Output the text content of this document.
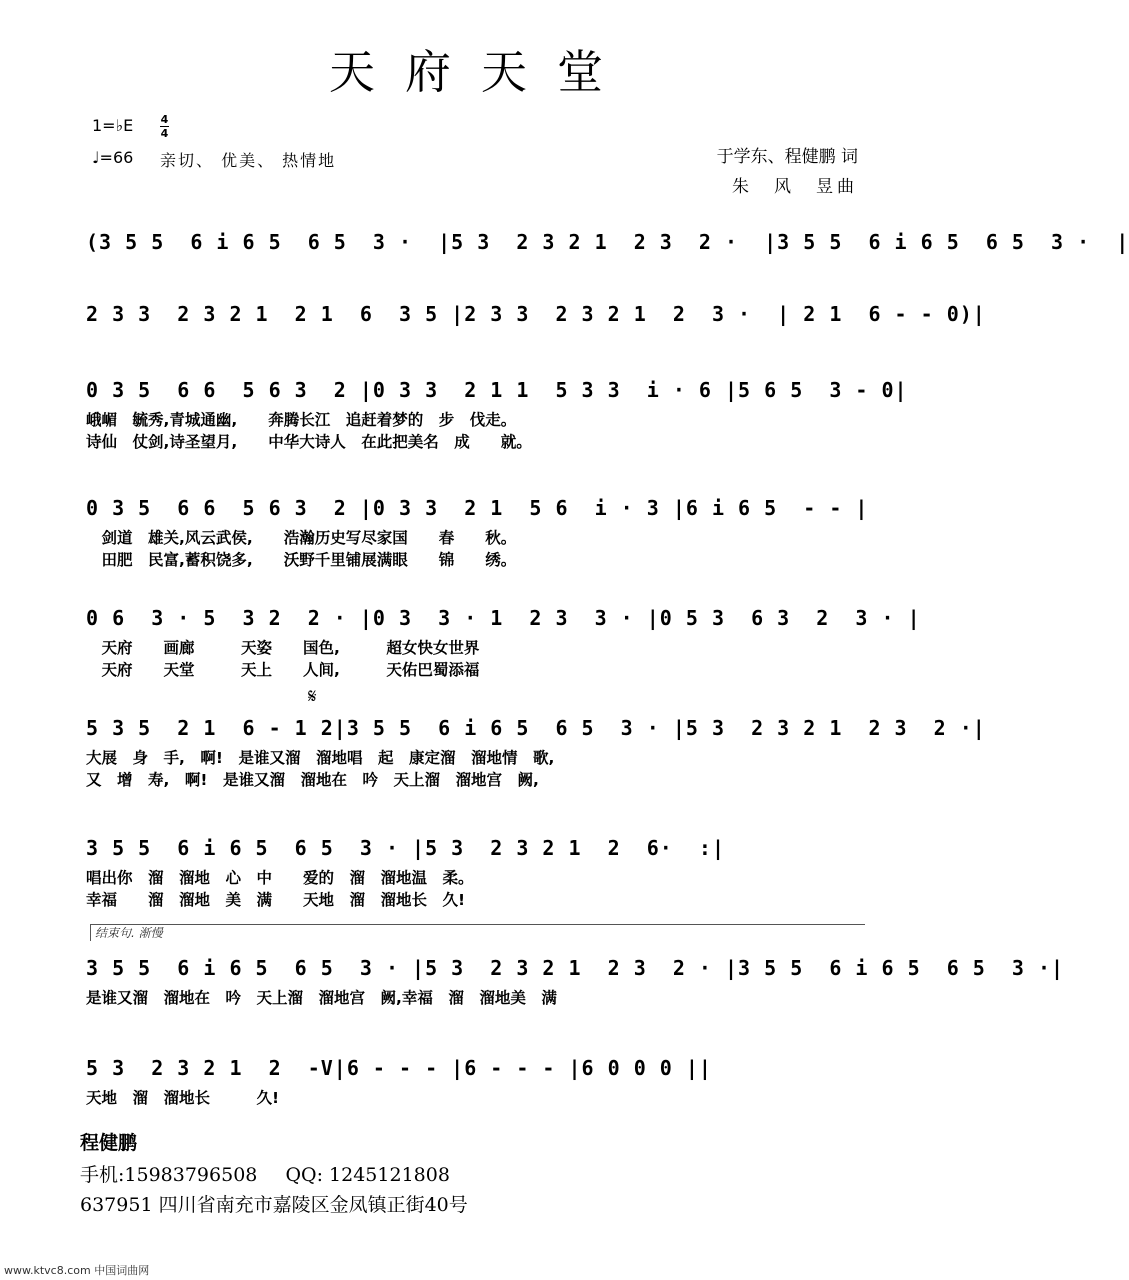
天府天堂
1=♭E 4
4
♩=66 亲切、 优美、 热情地	于学东、程健鹏 词
朱　风　昱曲
(3 5 5  6 i 6 5  6 5  3 ·  |5 3  2 3 2 1  2 3  2 ·  |3 5 5  6 i 6 5  6 5  3 ·  |
2 3 3  2 3 2 1  2 1  6  3 5 |2 3 3  2 3 2 1  2  3 ·  | 2 1  6 - - 0)|
0 3 5  6 6  5 6 3  2 |0 3 3  2 1 1  5 3 3  i · 6 |5 6 5  3 - 0|
峨嵋　毓秀,青城通幽,　　奔腾长江　追赶着梦的　步　伐走。
诗仙　仗剑,诗圣望月,　　中华大诗人　在此把美名　成　　就。
0 3 5  6 6  5 6 3  2 |0 3 3  2 1  5 6  i · 3 |6 i 6 5  - - |
　剑道　雄关,风云武侯,　　浩瀚历史写尽家国　　春　　秋。
　田肥　民富,蓄积饶多,　　沃野千里铺展满眼　　锦　　绣。
0 6  3 · 5  3 2  2 · |0 3  3 · 1  2 3  3 · |0 5 3  6 3  2  3 · |
　天府　　画廊　　　天姿　　国色,　　　超女快女世界
　天府　　天堂　　　天上　　人间,　　　天佑巴蜀添福
5 3 5  2 1  6 - 1 2|3 5 5  6 i 6 5  6 5  3 · |5 3  2 3 2 1  2 3  2 ·|
大展　身　手,　啊!　是谁又溜　溜地唱　起　康定溜　溜地情　歌,
又　增　寿,　啊!　是谁又溜　溜地在　吟　天上溜　溜地宫　阙,
3 5 5  6 i 6 5  6 5  3 · |5 3  2 3 2 1  2  6·  :|
唱出你　溜　溜地　心　中　　爱的　溜　溜地温　柔。
幸福　　溜　溜地　美　满　　天地　溜　溜地长　久!
3 5 5  6 i 6 5  6 5  3 · |5 3  2 3 2 1  2 3  2 · |3 5 5  6 i 6 5  6 5  3 ·|
是谁又溜　溜地在　吟　天上溜　溜地宫　阙,幸福　溜　溜地美　满
5 3  2 3 2 1  2  -V|6 - - - |6 - - - |6 0 0 0 ||
天地　溜　溜地长　　　久!
结束句. 渐慢
𝄋
程健鹏
手机:15983796508 QQ: 1245121808
637951 四川省南充市嘉陵区金凤镇正街40号
www.ktvc8.com 中国词曲网
